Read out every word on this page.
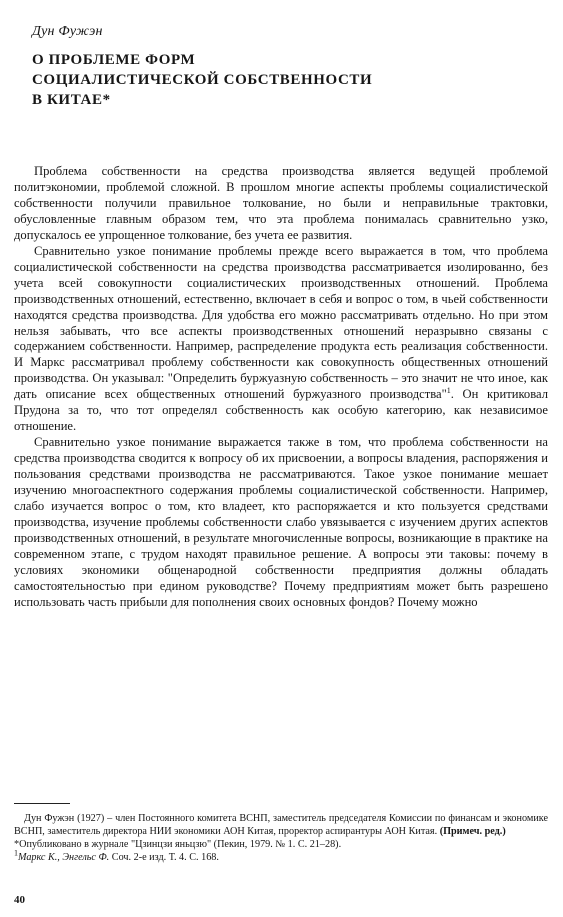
Дун Фужэн
О ПРОБЛЕМЕ ФОРМ
СОЦИАЛИСТИЧЕСКОЙ СОБСТВЕННОСТИ
В КИТАЕ*

Проблема собственности на средства производства является ведущей проблемой политэкономии, проблемой сложной. В прошлом многие аспекты проблемы социалистической собственности получили правильное толкование, но были и неправильные трактовки, обусловленные главным образом тем, что эта проблема понималась сравнительно узко, допускалось ее упрощенное толкование, без учета ее развития.

Сравнительно узкое понимание проблемы прежде всего выражается в том, что проблема социалистической собственности на средства производства рассматривается изолированно, без учета всей совокупности социалистических производственных отношений. Проблема производственных отношений, естественно, включает в себя и вопрос о том, в чьей собственности находятся средства производства. Для удобства его можно рассматривать отдельно. Но при этом нельзя забывать, что все аспекты производственных отношений неразрывно связаны с содержанием собственности. Например, распределение продукта есть реализация собственности. И Маркс рассматривал проблему собственности как совокупность общественных отношений производства. Он указывал: "Определить буржуазную собственность – это значит не что иное, как дать описание всех общественных отношений буржуазного производства"$^1$. Он критиковал Прудона за то, что тот определял собственность как особую категорию, как независимое отношение.

Сравнительно узкое понимание выражается также в том, что проблема собственности на средства производства сводится к вопросу об их присвоении, а вопросы владения, распоряжения и пользования средствами производства не рассматриваются. Такое узкое понимание мешает изучению многоаспектного содержания проблемы социалистической собственности. Например, слабо изучается вопрос о том, кто владеет, кто распоряжается и кто пользуется средствами производства, изучение проблемы собственности слабо увязывается с изучением других аспектов производственных отношений, в результате многочисленные вопросы, возникающие в практике на современном этапе, с трудом находят правильное решение. А вопросы эти таковы: почему в условиях экономики общенародной собственности предприятия должны обладать самостоятельностью при едином руководстве? Почему предприятиям может быть разрешено использовать часть прибыли для пополнения своих основных фондов? Почему можно

Дун Фужэн (1927) – член Постоянного комитета ВСНП, заместитель председателя Комиссии по финансам и экономике ВСНП, заместитель директора НИИ экономики АОН Китая, проректор аспирантуры АОН Китая. (Примеч. ред.)

*Опубликовано в журнале "Цзинцзи яньцзю" (Пекин, 1979. № 1. С. 21–28).

$^1$Маркс К., Энгельс Ф. Соч. 2-е изд. Т. 4. С. 168.

40
